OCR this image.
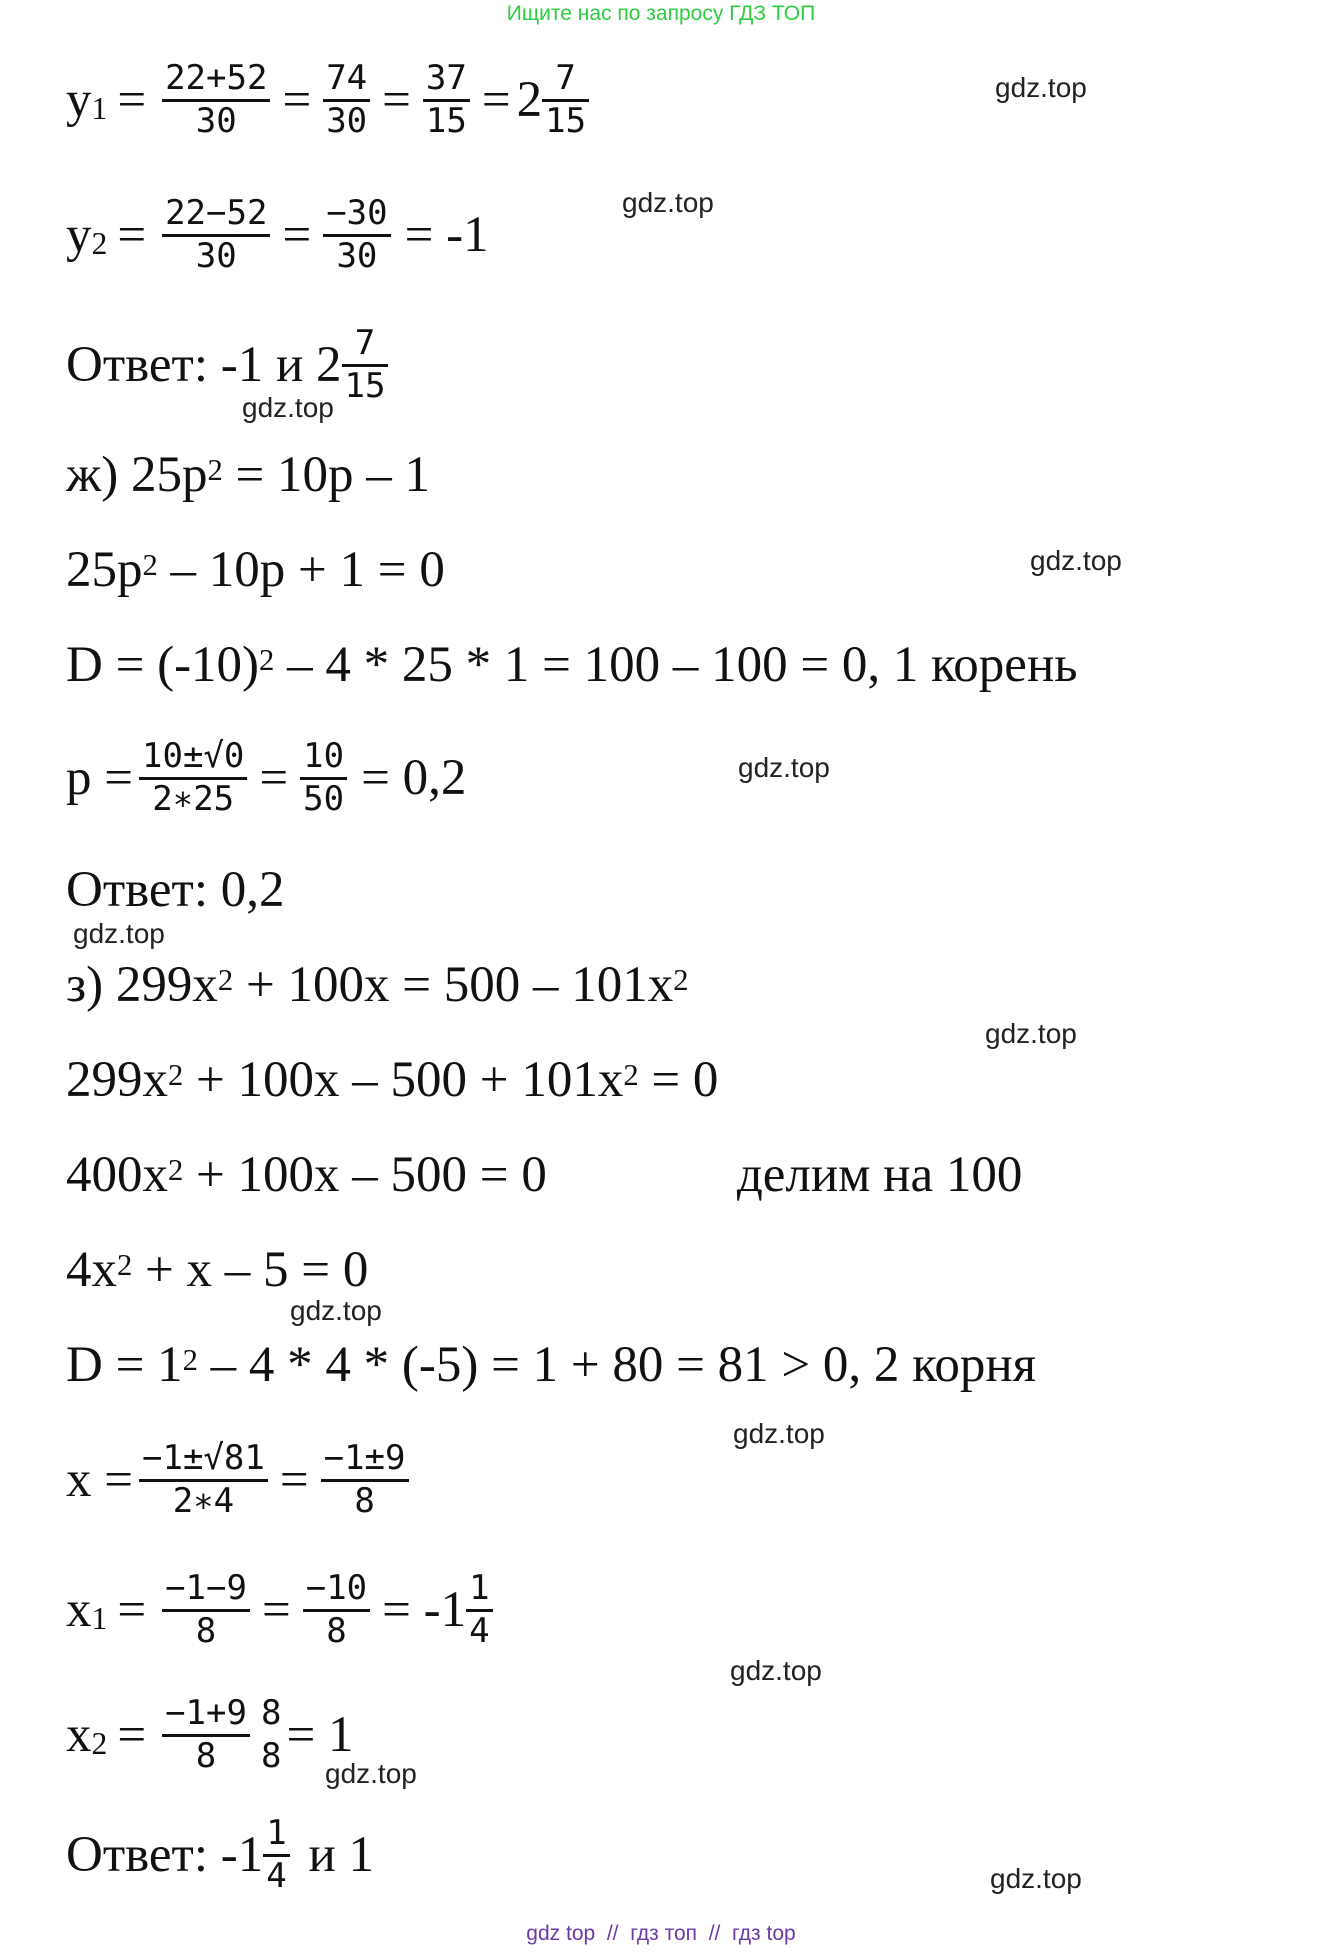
Ищите нас по запросу ГДЗ ТОП
y $1 = \frac{22+52}{30} = \frac{74}{30} = \frac{37}{15} = 2 \frac{7}{15}$
y $2 = \frac{22-52}{30} = \frac{-30}{30} = -1$
Ответ: -1 и $2 \frac{7}{15}$
ж) $25p^2 = 10p - 1$
$25p^2 - 10p + 1 = 0$
$D = (-10)^2 - 4 * 25 * 1 = 100 - 100 = 0$, 1 корень
$p = \frac{10\pm√0}{2∗25} = \frac{10}{50} = 0,2$
Ответ: 0,2
з) $299x^2 + 100x = 500 - 101x^2$
$299x^2 + 100x - 500 + 101x^2 = 0$
$400x^2 + 100x - 500 = 0$	делим на 100
$4x^2 + x - 5 = 0$
$D = 1^2 - 4 * 4 * (-5) = 1 + 80 = 81 > 0$, 2 корня
$x = \frac{-1\pm√81}{2∗4} = \frac{-1\pm 9}{8}$
x $1 = \frac{-1-9}{8} = \frac{-10}{8} = -1 \frac{1}{4}$
x $2 = \frac{-1+9}{8} 8$
8 = 1
Ответ: $-1 \frac{1}{4}$ и 1
gdz.top
gdz.top
gdz.top
gdz.top
gdz.top
gdz.top
gdz.top
gdz.top
gdz.top
gdz.top
gdz.top
gdz.top
gdz top  //  гдз топ  //  гдз top
